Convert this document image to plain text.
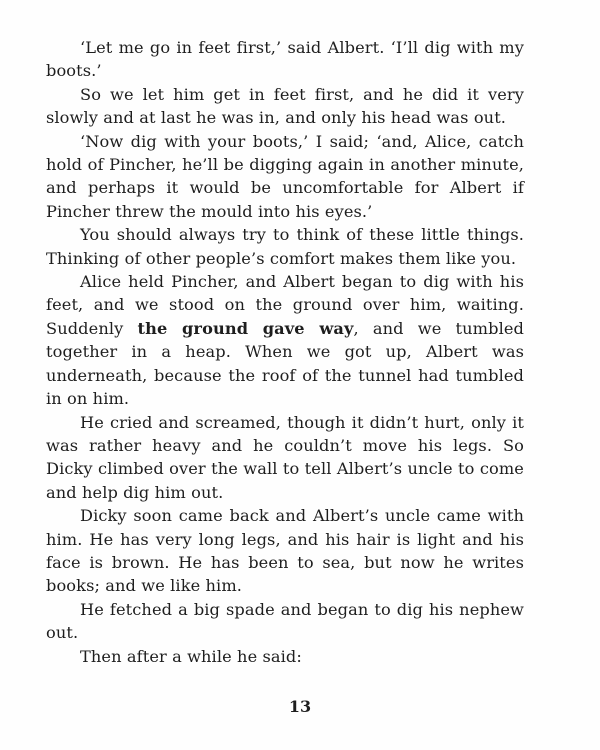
‘Let me go in feet first,’ said Albert. ‘I’ll dig with my boots.’

So we let him get in feet first, and he did it very slowly and at last he was in, and only his head was out.

‘Now dig with your boots,’ I said; ‘and, Alice, catch hold of Pincher, he’ll be digging again in another minute, and perhaps it would be uncomfortable for Albert if Pincher threw the mould into his eyes.’

You should always try to think of these little things. Thinking of other people’s comfort makes them like you.

Alice held Pincher, and Albert began to dig with his feet, and we stood on the ground over him, waiting. Suddenly the ground gave way, and we tumbled together in a heap. When we got up, Albert was underneath, because the roof of the tunnel had tumbled in on him.

He cried and screamed, though it didn’t hurt, only it was rather heavy and he couldn’t move his legs. So Dicky climbed over the wall to tell Albert’s uncle to come and help dig him out.

Dicky soon came back and Albert’s uncle came with him. He has very long legs, and his hair is light and his face is brown. He has been to sea, but now he writes books; and we like him.

He fetched a big spade and began to dig his nephew out.

Then after a while he said:

13
